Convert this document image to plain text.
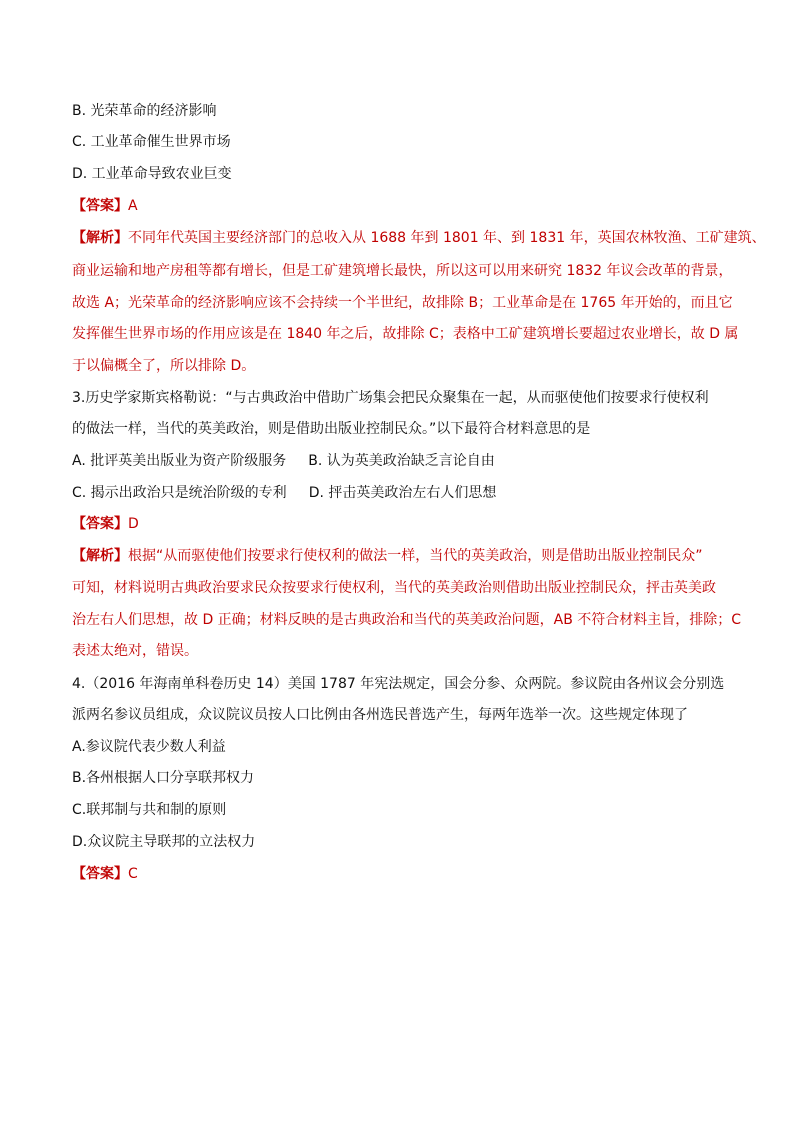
B. 光荣革命的经济影响
C. 工业革命催生世界市场
D. 工业革命导致农业巨变
【答案】A
【解析】不同年代英国主要经济部门的总收入从 1688 年到 1801 年、到 1831 年，英国农林牧渔、工矿建筑、
商业运输和地产房租等都有增长，但是工矿建筑增长最快，所以这可以用来研究 1832 年议会改革的背景，
故选 A；光荣革命的经济影响应该不会持续一个半世纪，故排除 B；工业革命是在 1765 年开始的，而且它
发挥催生世界市场的作用应该是在 1840 年之后，故排除 C；表格中工矿建筑增长要超过农业增长，故 D 属
于以偏概全了，所以排除 D。
3.历史学家斯宾格勒说：“与古典政治中借助广场集会把民众聚集在一起，从而驱使他们按要求行使权利
的做法一样，当代的英美政治，则是借助出版业控制民众。”以下最符合材料意思的是
A. 批评英美出版业为资产阶级服务 B. 认为英美政治缺乏言论自由
C. 揭示出政治只是统治阶级的专利 D. 抨击英美政治左右人们思想
【答案】D
【解析】根据“从而驱使他们按要求行使权利的做法一样，当代的英美政治，则是借助出版业控制民众”
可知，材料说明古典政治要求民众按要求行使权利，当代的英美政治则借助出版业控制民众，抨击英美政
治左右人们思想，故 D 正确；材料反映的是古典政治和当代的英美政治问题，AB 不符合材料主旨，排除；C
表述太绝对，错误。
4.（2016 年海南单科卷历史 14）美国 1787 年宪法规定，国会分参、众两院。参议院由各州议会分别选
派两名参议员组成，众议院议员按人口比例由各州选民普选产生，每两年选举一次。这些规定体现了
A.参议院代表少数人利益
B.各州根据人口分享联邦权力
C.联邦制与共和制的原则
D.众议院主导联邦的立法权力
【答案】C
